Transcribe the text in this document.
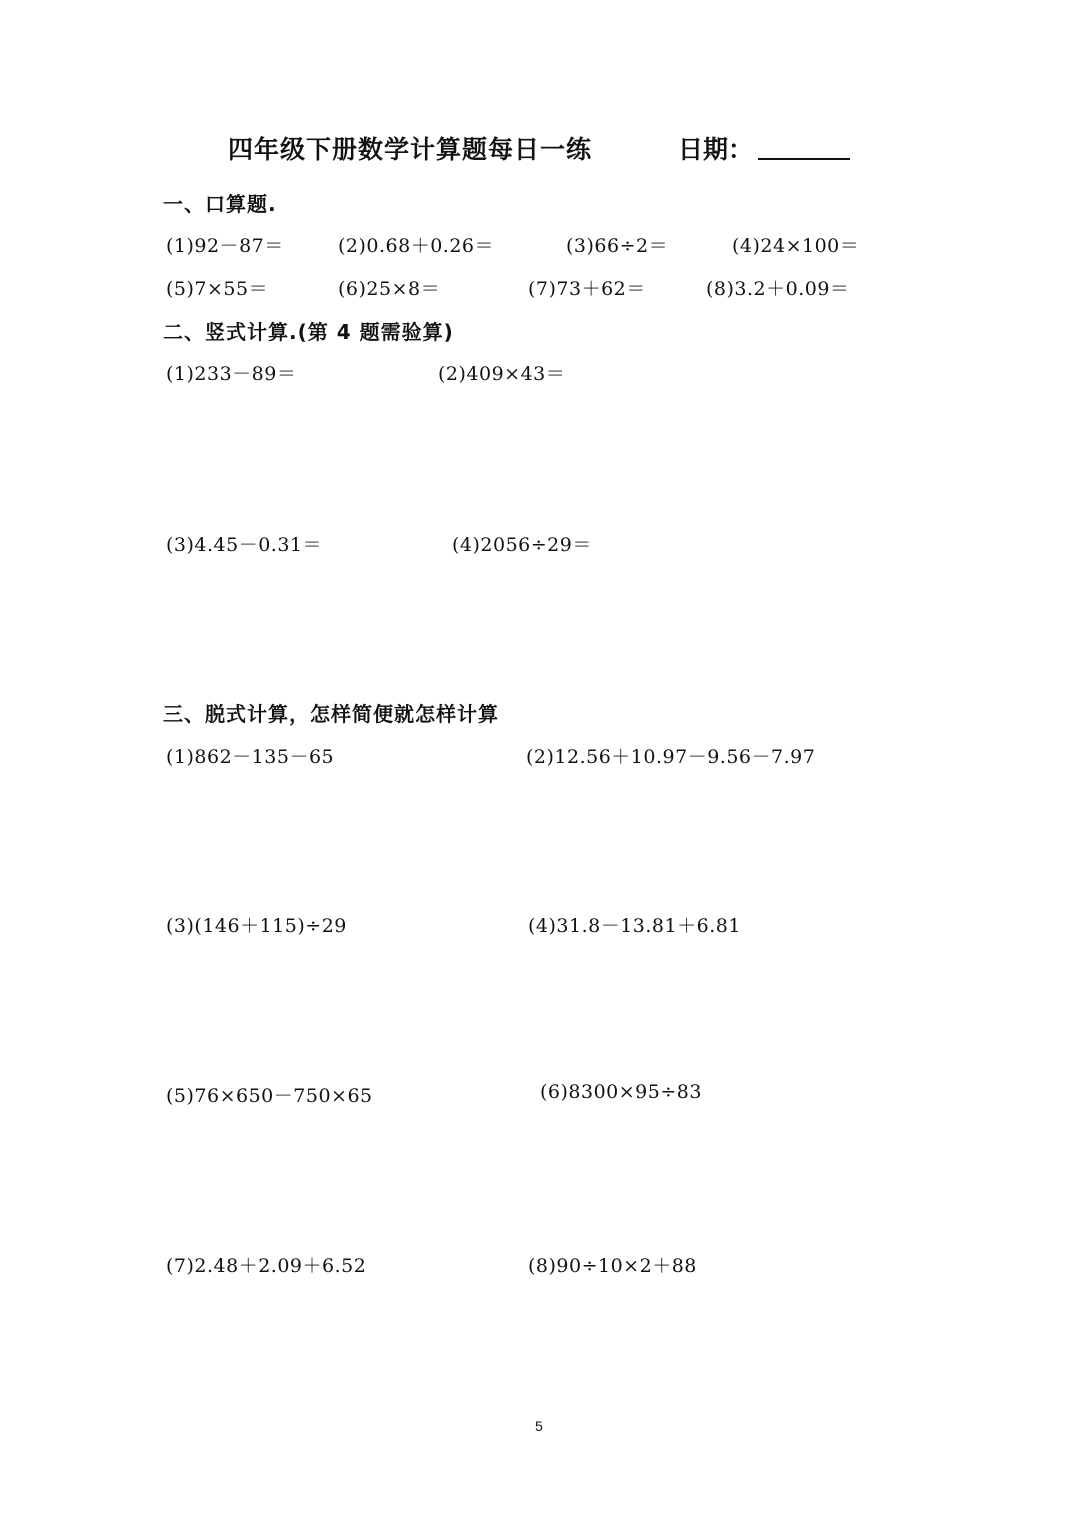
四年级下册数学计算题每日一练	日期：
一、口算题.
(1)92－87＝	(2)0.68＋0.26＝	(3)66÷2＝	(4)24×100＝
(5)7×55＝	(6)25×8＝	(7)73＋62＝	(8)3.2＋0.09＝
二、竖式计算.(第 4 题需验算)
(1)233－89＝	(2)409×43＝
(3)4.45－0.31＝	(4)2056÷29＝
三、脱式计算，怎样简便就怎样计算
(1)862－135－65	(2)12.56＋10.97－9.56－7.97
(3)(146＋115)÷29	(4)31.8－13.81＋6.81
(5)76×650－750×65	(6)8300×95÷83
(7)2.48＋2.09＋6.52	(8)90÷10×2＋88
5
